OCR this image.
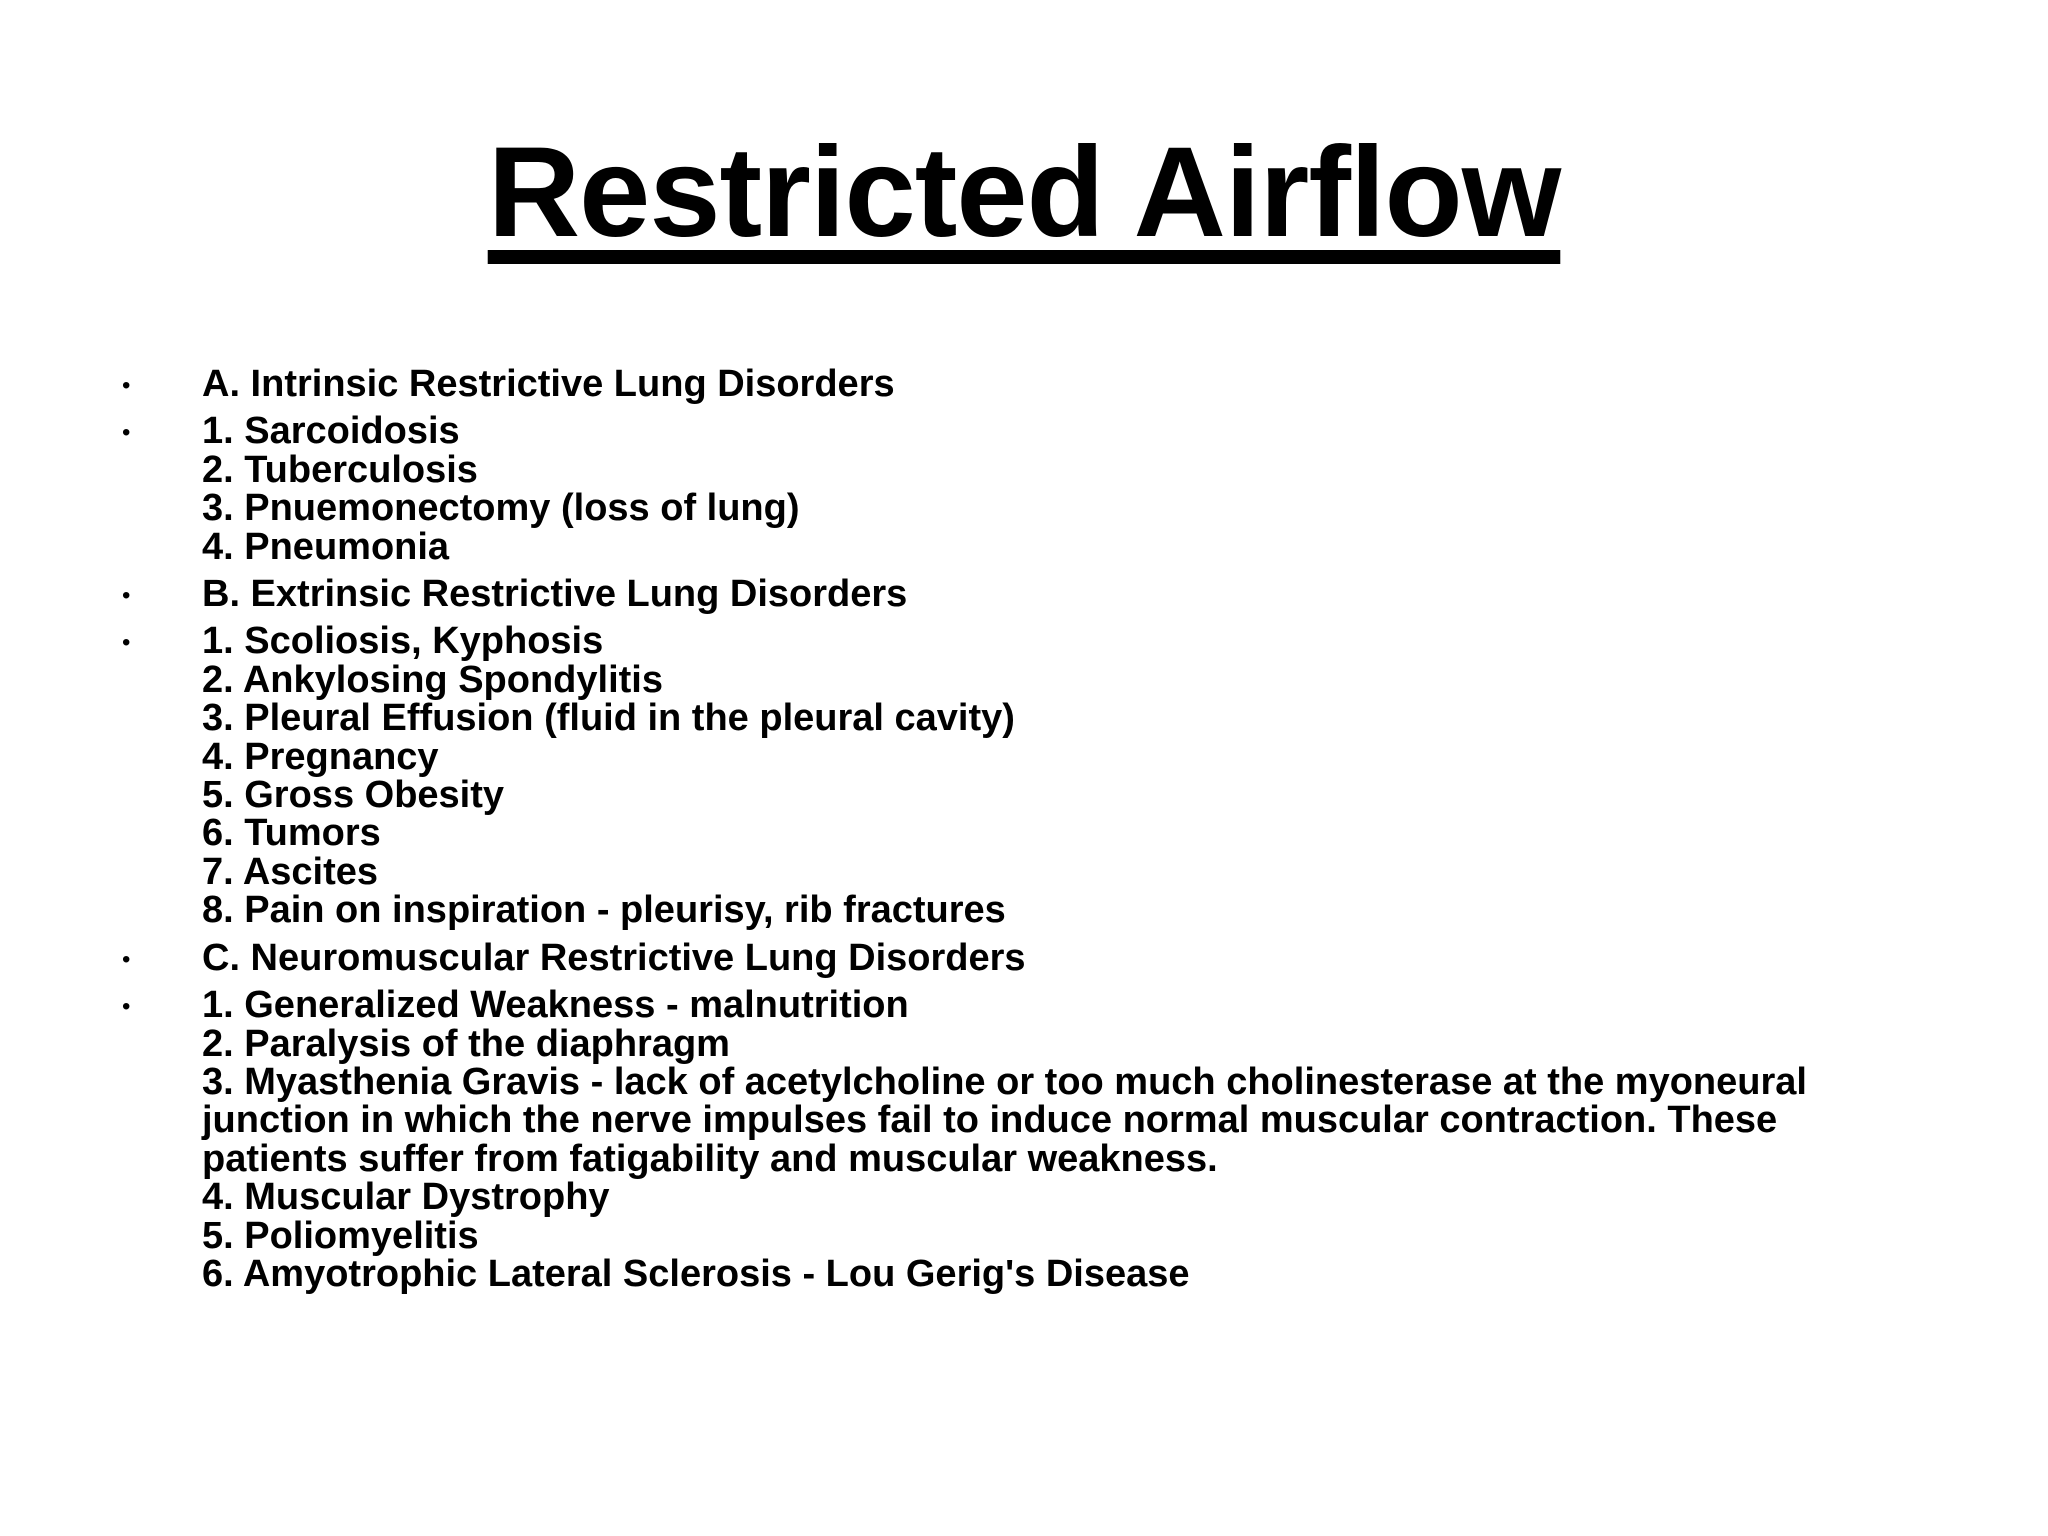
Restricted Airflow
• A. Intrinsic Restrictive Lung Disorders
• 1. Sarcoidosis
2. Tuberculosis
3. Pnuemonectomy (loss of lung)
4. Pneumonia
• B. Extrinsic Restrictive Lung Disorders
• 1. Scoliosis, Kyphosis
2. Ankylosing Spondylitis
3. Pleural Effusion (fluid in the pleural cavity)
4. Pregnancy
5. Gross Obesity
6. Tumors
7. Ascites
8. Pain on inspiration - pleurisy, rib fractures
• C. Neuromuscular Restrictive Lung Disorders
• 1. Generalized Weakness - malnutrition
2. Paralysis of the diaphragm
3. Myasthenia Gravis - lack of acetylcholine or too much cholinesterase at the myoneural junction in which the nerve impulses fail to induce normal muscular contraction. These patients suffer from fatigability and muscular weakness.
4. Muscular Dystrophy
5. Poliomyelitis
6. Amyotrophic Lateral Sclerosis - Lou Gerig's Disease
